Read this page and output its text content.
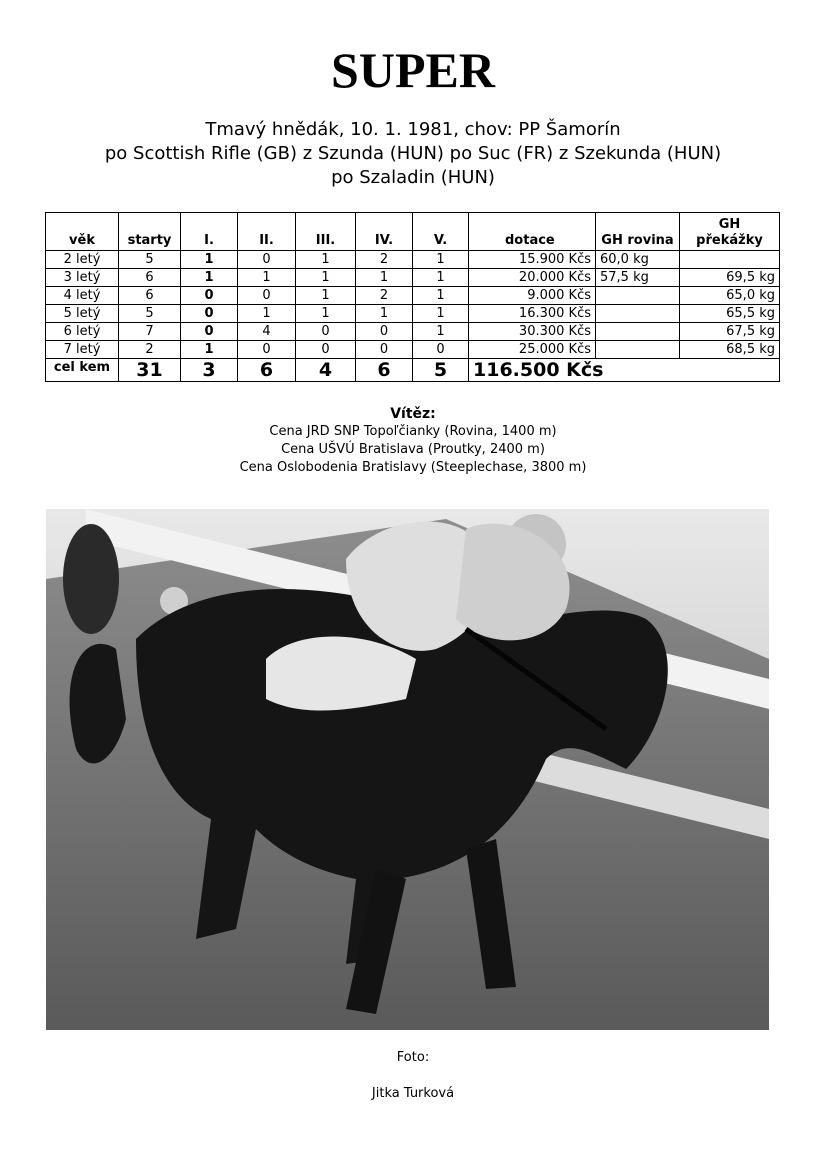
SUPER
Tmavý hnědák, 10. 1. 1981, chov: PP Šamorín
po Scottish Rifle (GB) z Szunda (HUN) po Suc (FR) z Szekunda (HUN)
po Szaladin (HUN)
věk	starty	I.	II.	III.	IV.	V.	dotace	GH rovina	GH překážky
2 letý	5	1	0	1	2	1	15.900 Kčs	60,0 kg	
3 letý	6	1	1	1	1	1	20.000 Kčs	57,5 kg	69,5 kg
4 letý	6	0	0	1	2	1	9.000 Kčs		65,0 kg
5 letý	5	0	1	1	1	1	16.300 Kčs		65,5 kg
6 letý	7	0	4	0	0	1	30.300 Kčs		67,5 kg
7 letý	2	1	0	0	0	0	25.000 Kčs		68,5 kg
cel kem	31	3	6	4	6	5	116.500 Kčs		
Vítěz:
Cena JRD SNP Topoľčianky (Rovina, 1400 m)
Cena UŠVÚ Bratislava (Proutky, 2400 m)
Cena Oslobodenia Bratislavy (Steeplechase, 3800 m)
Foto:
Jitka Turková
